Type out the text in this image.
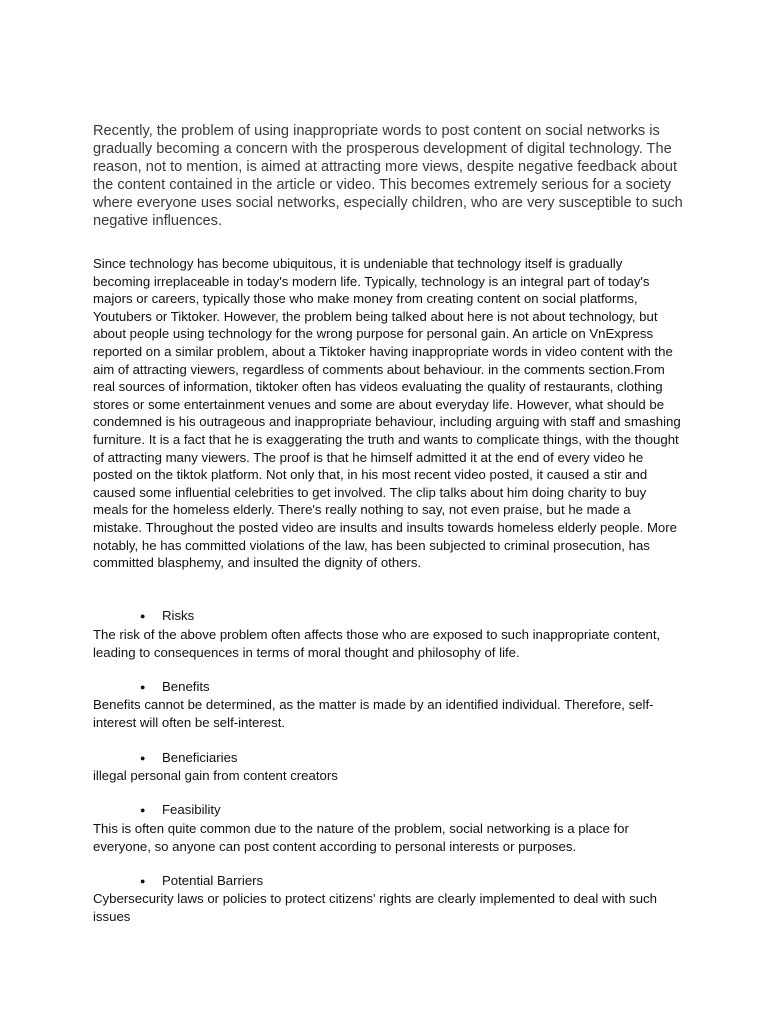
Recently, the problem of using inappropriate words to post content on social networks is gradually becoming a concern with the prosperous development of digital technology. The reason, not to mention, is aimed at attracting more views, despite negative feedback about the content contained in the article or video. This becomes extremely serious for a society where everyone uses social networks, especially children, who are very susceptible to such negative influences.

Since technology has become ubiquitous, it is undeniable that technology itself is gradually becoming irreplaceable in today's modern life. Typically, technology is an integral part of today's majors or careers, typically those who make money from creating content on social platforms, Youtubers or Tiktoker. However, the problem being talked about here is not about technology, but about people using technology for the wrong purpose for personal gain. An article on VnExpress reported on a similar problem, about a Tiktoker having inappropriate words in video content with the aim of attracting viewers, regardless of comments about behaviour. in the comments section.From real sources of information, tiktoker often has videos evaluating the quality of restaurants, clothing stores or some entertainment venues and some are about everyday life. However, what should be condemned is his outrageous and inappropriate behaviour, including arguing with staff and smashing furniture. It is a fact that he is exaggerating the truth and wants to complicate things, with the thought of attracting many viewers. The proof is that he himself admitted it at the end of every video he posted on the tiktok platform. Not only that, in his most recent video posted, it caused a stir and caused some influential celebrities to get involved. The clip talks about him doing charity to buy meals for the homeless elderly. There's really nothing to say, not even praise, but he made a mistake. Throughout the posted video are insults and insults towards homeless elderly people. More notably, he has committed violations of the law, has been subjected to criminal prosecution, has committed blasphemy, and insulted the dignity of others.

● Risks

The risk of the above problem often affects those who are exposed to such inappropriate content, leading to consequences in terms of moral thought and philosophy of life.

● Benefits

Benefits cannot be determined, as the matter is made by an identified individual. Therefore, self-interest will often be self-interest.

● Beneficiaries

illegal personal gain from content creators

● Feasibility

This is often quite common due to the nature of the problem, social networking is a place for everyone, so anyone can post content according to personal interests or purposes.

● Potential Barriers

Cybersecurity laws or policies to protect citizens' rights are clearly implemented to deal with such issues
